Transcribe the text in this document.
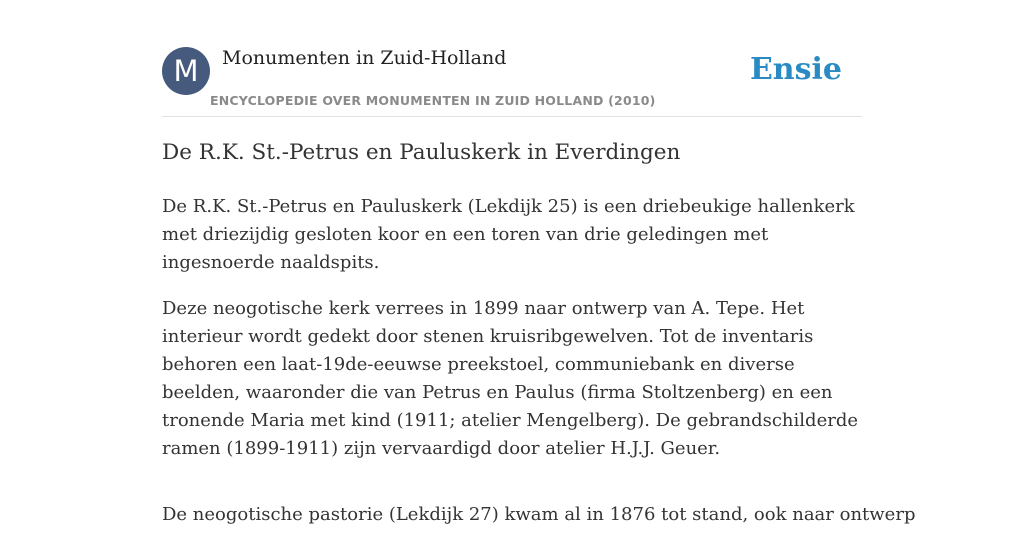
M	Monumenten in Zuid-Holland
ENCYCLOPEDIE OVER MONUMENTEN IN ZUID HOLLAND (2010)
Ensie
De R.K. St.-Petrus en Pauluskerk in Everdingen

De R.K. St.-Petrus en Pauluskerk (Lekdijk 25) is een driebeukige hallenkerk met driezijdig gesloten koor en een toren van drie geledingen met ingesnoerde naaldspits.

Deze neogotische kerk verrees in 1899 naar ontwerp van A. Tepe. Het interieur wordt gedekt door stenen kruisribgewelven. Tot de inventaris behoren een laat-19de-eeuwse preekstoel, communiebank en diverse beelden, waaronder die van Petrus en Paulus (firma Stoltzenberg) en een tronende Maria met kind (1911; atelier Mengelberg). De gebrandschilderde ramen (1899-1911) zijn vervaardigd door atelier H.J.J. Geuer.

De neogotische pastorie (Lekdijk 27) kwam al in 1876 tot stand, ook naar ontwerp
